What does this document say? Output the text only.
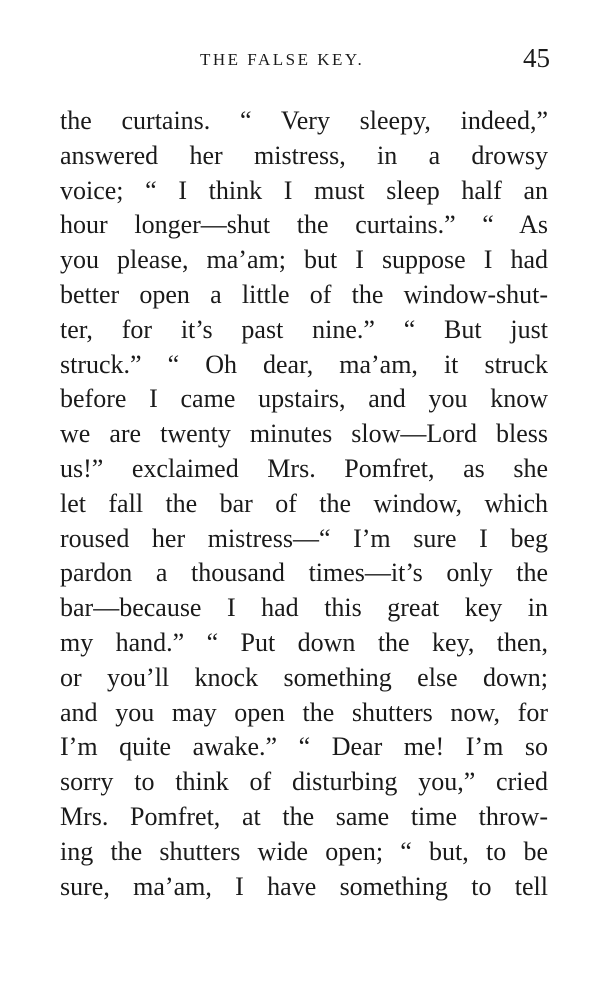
THE FALSE KEY.	45
the curtains. “ Very sleepy, indeed,”
answered her mistress, in a drowsy
voice; “ I think I must sleep half an
hour longer—shut the curtains.” “ As
you please, ma’am; but I suppose I had
better open a little of the window-shut-
ter, for it’s past nine.” “ But just
struck.” “ Oh dear, ma’am, it struck
before I came upstairs, and you know
we are twenty minutes slow—Lord bless
us!” exclaimed Mrs. Pomfret, as she
let fall the bar of the window, which
roused her mistress—“ I’m sure I beg
pardon a thousand times—it’s only the
bar—because I had this great key in
my hand.” “ Put down the key, then,
or you’ll knock something else down;
and you may open the shutters now, for
I’m quite awake.” “ Dear me! I’m so
sorry to think of disturbing you,” cried
Mrs. Pomfret, at the same time throw-
ing the shutters wide open; “ but, to be
sure, ma’am, I have something to tell
